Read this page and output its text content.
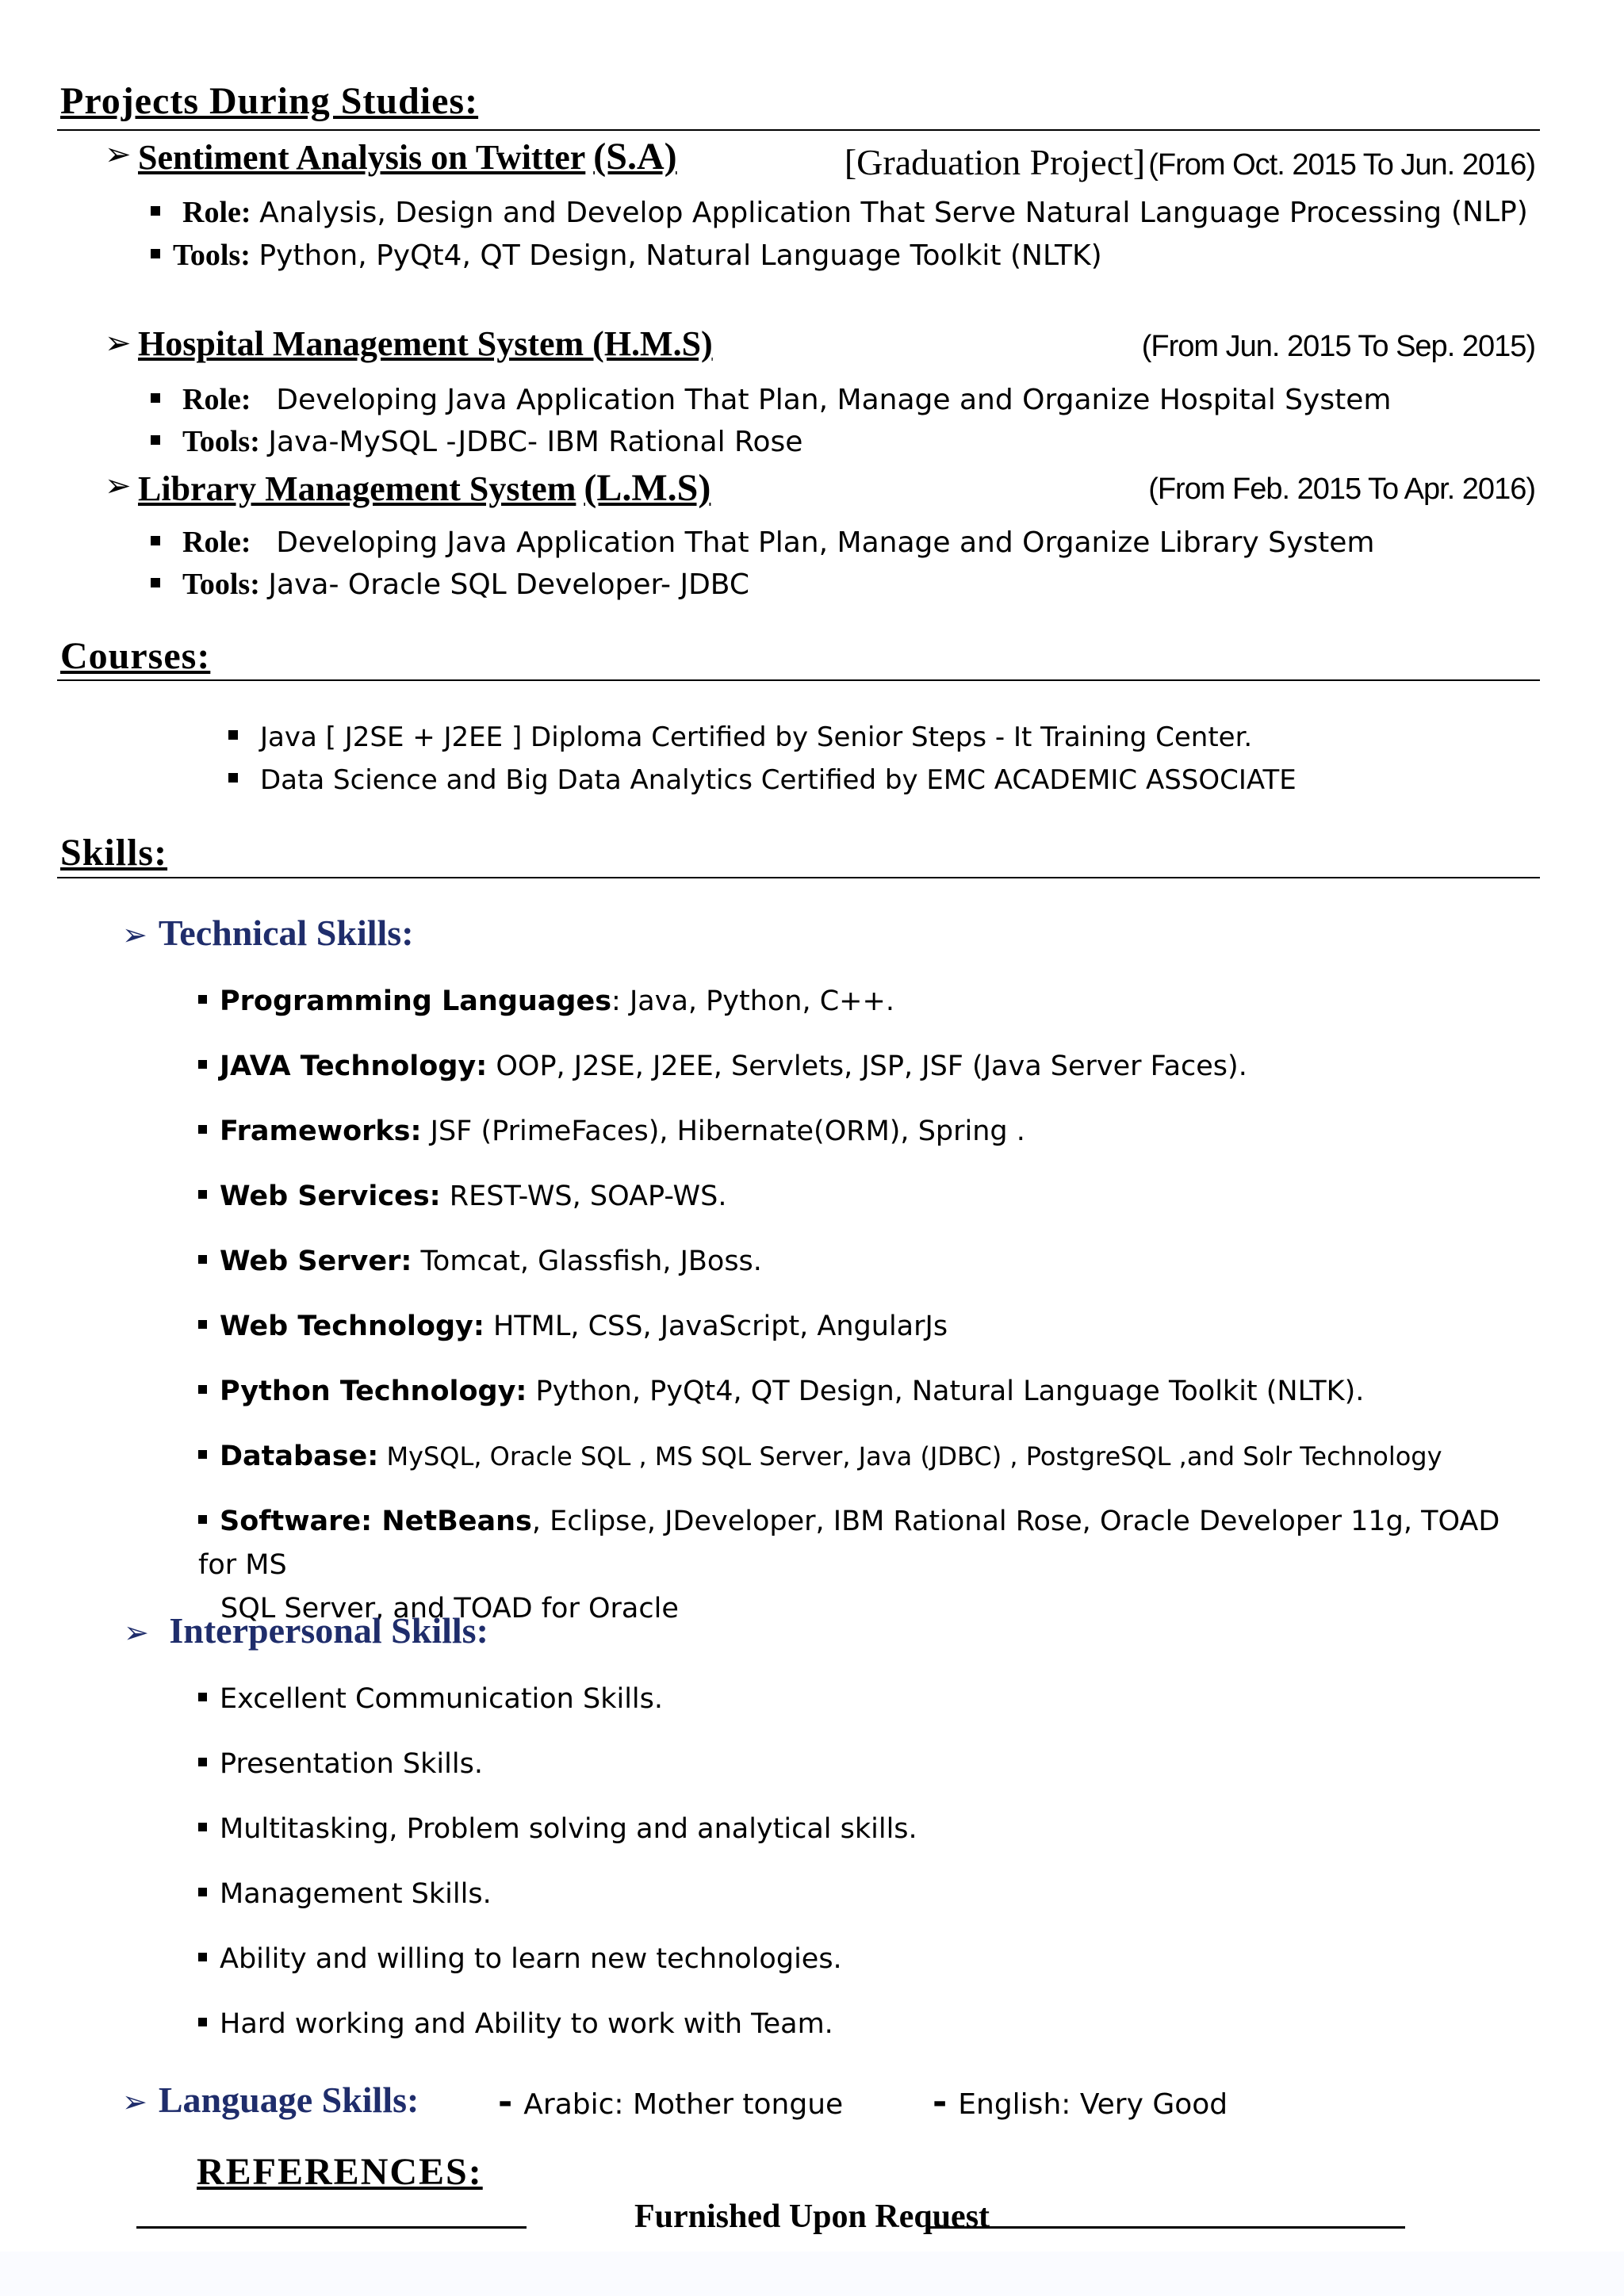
Projects During Studies:
➢ Sentiment Analysis on Twitter (S.A)	[Graduation Project] (From Oct. 2015 To Jun. 2016)
Role: Analysis, Design and Develop Application That Serve Natural Language Processing (NLP)
Tools: Python, PyQt4, QT Design, Natural Language Toolkit (NLTK)
➢ Hospital Management System (H.M.S)	(From Jun. 2015 To Sep. 2015)
Role: Developing Java Application That Plan, Manage and Organize Hospital System
Tools: Java-MySQL -JDBC- IBM Rational Rose
➢ Library Management System (L.M.S)	(From Feb. 2015 To Apr. 2016)
Role: Developing Java Application That Plan, Manage and Organize Library System
Tools: Java- Oracle SQL Developer- JDBC
Courses:
Java [ J2SE + J2EE ] Diploma Certified by Senior Steps - It Training Center.
Data Science and Big Data Analytics Certified by EMC ACADEMIC ASSOCIATE
Skills:
➢ Technical Skills:
Programming Languages: Java, Python, C++.
JAVA Technology: OOP, J2SE, J2EE, Servlets, JSP, JSF (Java Server Faces).
Frameworks: JSF (PrimeFaces), Hibernate(ORM), Spring .
Web Services: REST-WS, SOAP-WS.
Web Server: Tomcat, Glassfish, JBoss.
Web Technology: HTML, CSS, JavaScript, AngularJs
Python Technology: Python, PyQt4, QT Design, Natural Language Toolkit (NLTK).
Database: MySQL, Oracle SQL , MS SQL Server, Java (JDBC) , PostgreSQL ,and Solr Technology
Software: NetBeans, Eclipse, JDeveloper, IBM Rational Rose, Oracle Developer 11g, TOAD for MS
SQL Server, and TOAD for Oracle
➢ Interpersonal Skills:
Excellent Communication Skills.
Presentation Skills.
Multitasking, Problem solving and analytical skills.
Management Skills.
Ability and willing to learn new technologies.
Hard working and Ability to work with Team.
➢ Language Skills: - Arabic: Mother tongue	- English: Very Good
REFERENCES:
Furnished Upon Request
